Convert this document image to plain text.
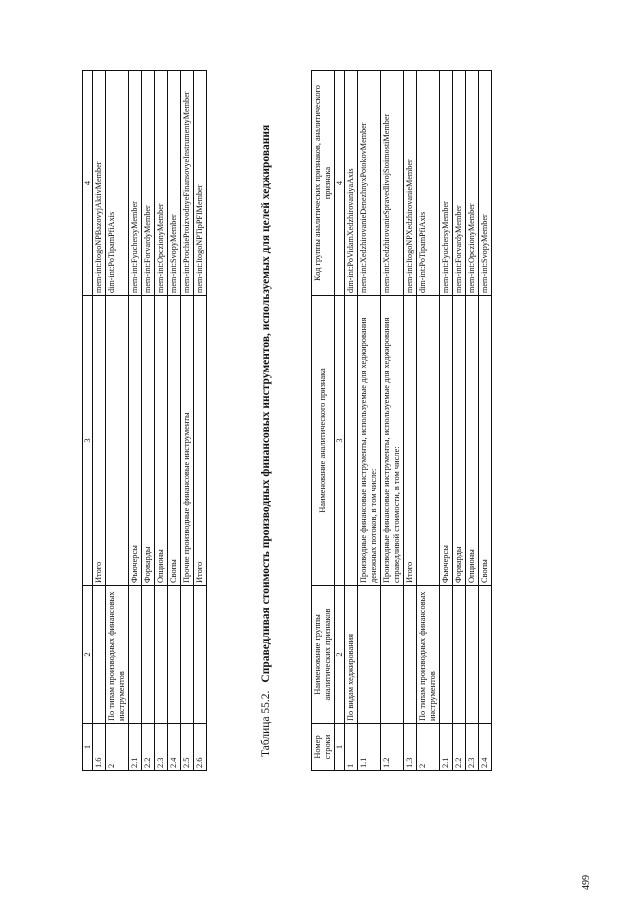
499
1	2	3	4
1.6		Итого	mem-int:ItogoNPBazovyjAktivMember
2	По типам производных финансовых инструментов		dim-int:PoTipamPfiAxis
2.1		Фьючерсы	mem-int:FyuchersyMember
2.2		Форварды	mem-int:ForvardyMember
2.3		Опционы	mem-int:OpczionyMember
2.4		Свопы	mem-int:SvopyMember
2.5		Прочие производные финансовые инструменты	mem-int:ProchieProizvodnyeFinansovyeInstrumentyMember
2.6		Итого	mem-int:ItogoNPTipPFIMember
Таблица 55.2.Справедливая стоимость производных финансовых инструментов, используемых для целей хеджирования
Номер строки	Наименование группы аналитических признаков	Наименование аналитического признака	Код группы аналитических признаков, аналитического признака
1	2	3	4
1	По видам хеджирования		dim-int:PoVidamXedzhirovaniyaAxis
1.1		Производные финансовые инструменты, используемые для хеджирования денежных потоков, в том числе:	mem-int:XedzhirovanieDenezhnyxPotokovMember
1.2		Производные финансовые инструменты, используемые для хеджирования справедливой стоимости, в том числе:	mem-int:XedzhirovanieSpravedlivojStoimostiMember
1.3		Итого	mem-int:ItogoNPXedzhirovanieMember
2	По типам производных финансовых инструментов		dim-int:PoTipamPfiAxis
2.1		Фьючерсы	mem-int:FyuchersyMember
2.2		Форварды	mem-int:ForvardyMember
2.3		Опционы	mem-int:OpczionyMember
2.4		Свопы	mem-int:SvopyMember
